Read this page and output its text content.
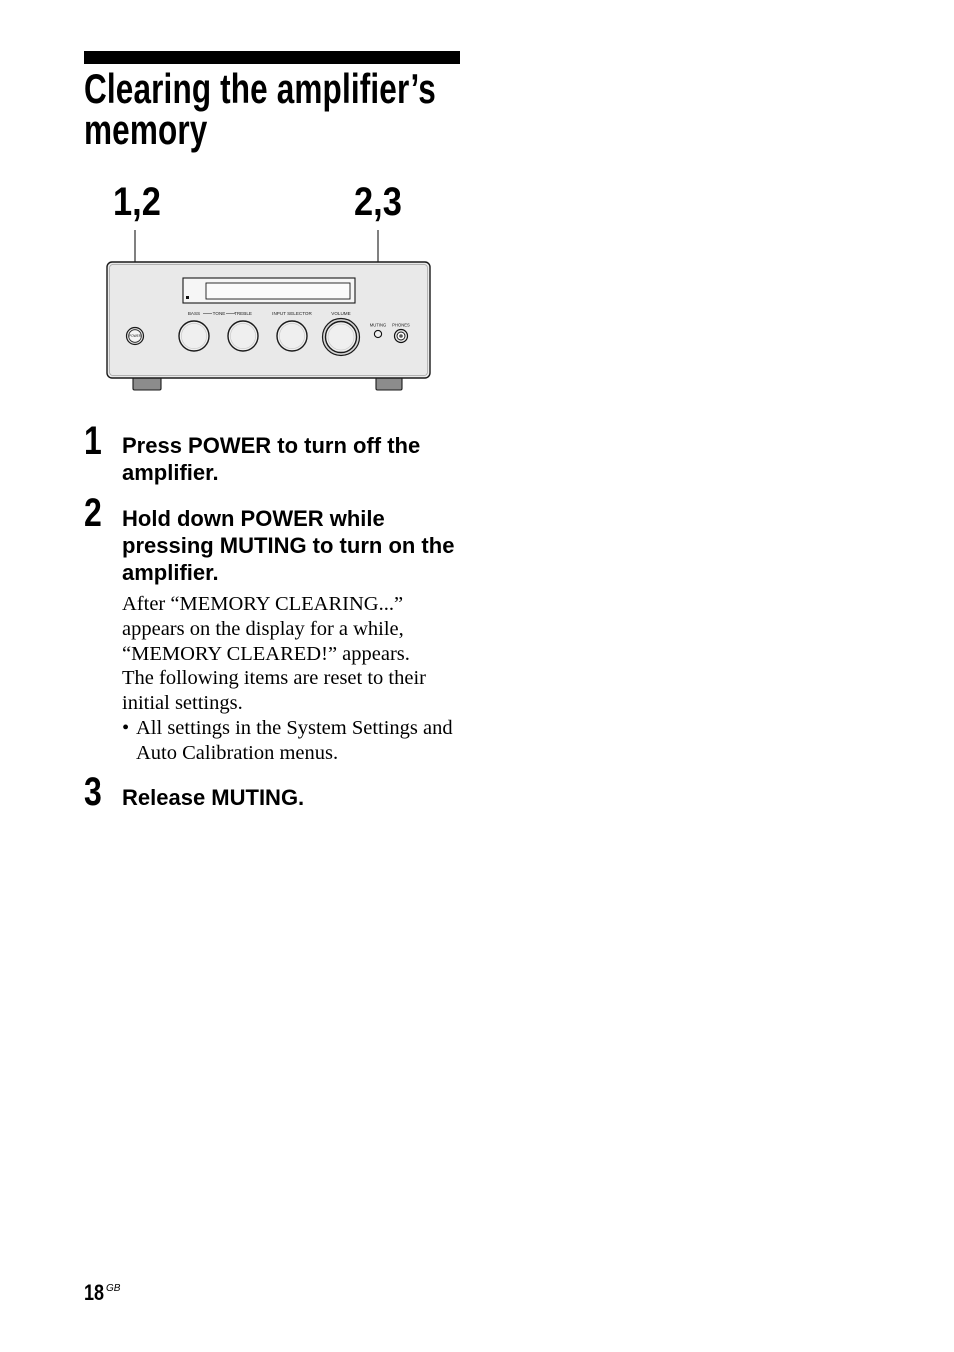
Clearing the amplifier’s
memory
1,2	2,3
BASS	TONE TREBLE	INPUT SELECTOR	VOLUME
MUTING PHONES
POWER
1 Press POWER to turn off the
amplifier.
2 Hold down POWER while
pressing MUTING to turn on the
amplifier.
After “MEMORY CLEARING...”
appears on the display for a while,
“MEMORY CLEARED!” appears.
The following items are reset to their
initial settings.
• All settings in the System Settings and
Auto Calibration menus.
3 Release MUTING.
18 GB
